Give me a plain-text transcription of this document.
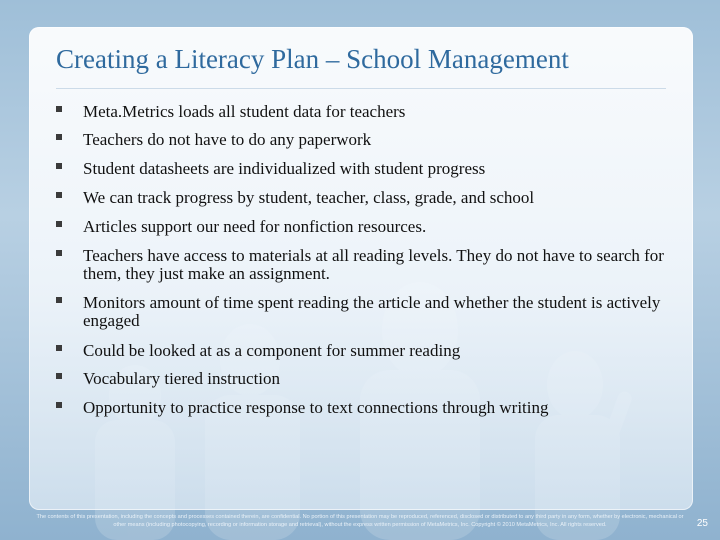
Creating a Literacy Plan – School Management
Meta.Metrics loads all student data for teachers
Teachers do not have to do any paperwork
Student datasheets are individualized with student progress
We can track progress by student, teacher, class, grade, and school
Articles support our need for nonfiction resources.
Teachers have access to materials at all reading levels. They do not have to search for them, they just make an assignment.
Monitors amount of time spent reading the article and whether the student is actively engaged
Could be looked at as a component for summer reading
Vocabulary tiered instruction
Opportunity to practice response to text connections through writing
The contents of this presentation, including the concepts and processes contained therein, are confidential. No portion of this presentation may be reproduced, referenced, disclosed or distributed to any third party in any form, whether by electronic, mechanical or other means (including photocopying, recording or information storage and retrieval), without the express written permission of MetaMetrics, Inc. Copyright © 2010 MetaMetrics, Inc. All rights reserved.	25
